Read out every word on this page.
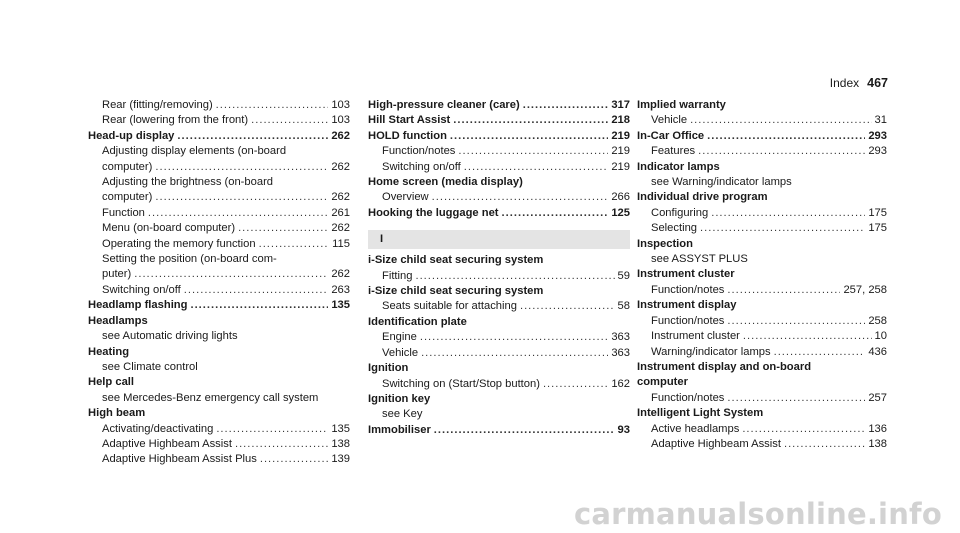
Index 467
Rear (fitting/removing) .....	103
Rear (lowering from the front) .....	103
Head-up display .....	262
Adjusting display elements (on-board
computer) .....	262
Adjusting the brightness (on-board
computer) .....	262
Function .....	261
Menu (on-board computer) .....	262
Operating the memory function .....	115
Setting the position (on-board com-
puter) .....	262
Switching on/off .....	263
Headlamp flashing .....	135
Headlamps
see Automatic driving lights
Heating
see Climate control
Help call
see Mercedes-Benz emergency call system
High beam
Activating/deactivating .....	135
Adaptive Highbeam Assist .....	138
Adaptive Highbeam Assist Plus .....	139
High-pressure cleaner (care) .....	317
Hill Start Assist .....	218
HOLD function .....	219
Function/notes .....	219
Switching on/off .....	219
Home screen (media display)
Overview .....	266
Hooking the luggage net .....	125
I
i-Size child seat securing system
Fitting .....	59
i-Size child seat securing system
Seats suitable for attaching .....	58
Identification plate
Engine .....	363
Vehicle .....	363
Ignition
Switching on (Start/Stop button) .....	162
Ignition key
see Key
Immobiliser .....	93
Implied warranty
Vehicle .....	31
In-Car Office .....	293
Features .....	293
Indicator lamps
see Warning/indicator lamps
Individual drive program
Configuring .....	175
Selecting .....	175
Inspection
see ASSYST PLUS
Instrument cluster
Function/notes .....	257, 258
Instrument display
Function/notes .....	258
Instrument cluster .....	10
Warning/indicator lamps .....	436
Instrument display and on-board
computer
Function/notes .....	257
Intelligent Light System
Active headlamps .....	136
Adaptive Highbeam Assist .....	138
carmanualsonline.info
